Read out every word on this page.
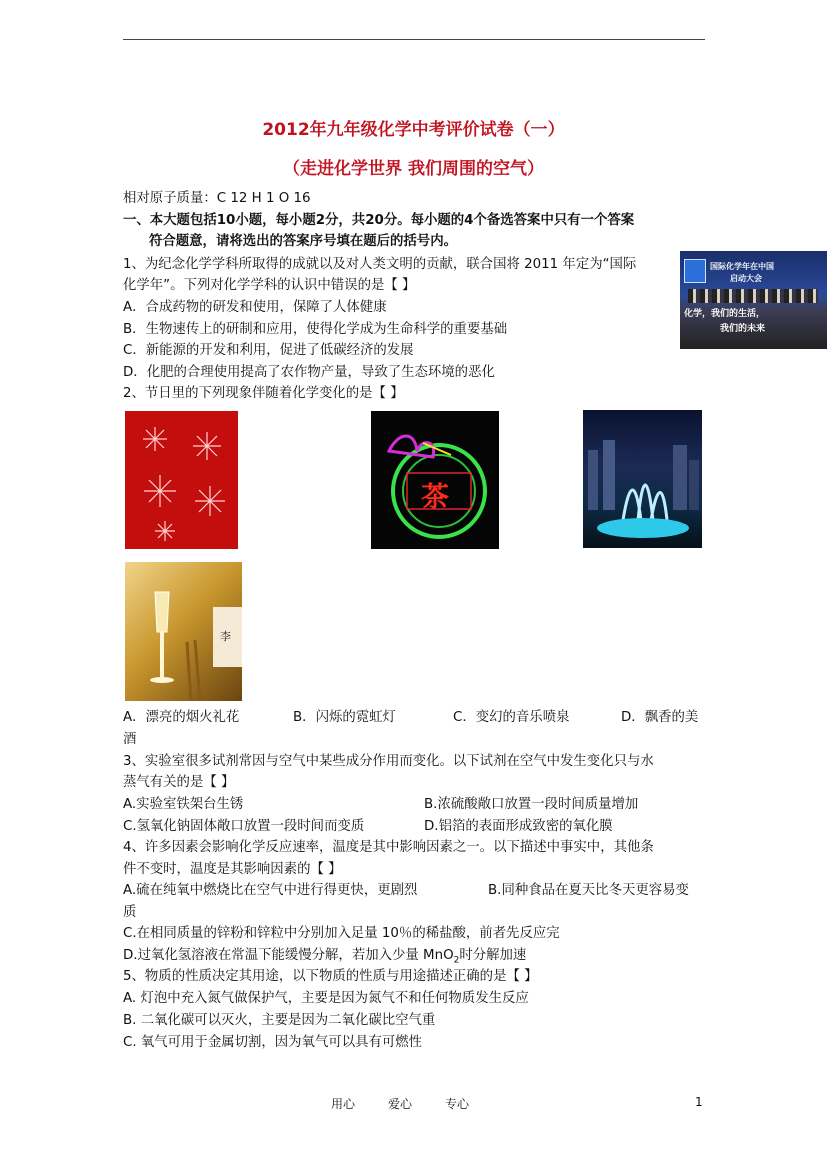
2012年九年级化学中考评价试卷（一）
（走进化学世界 我们周围的空气）
相对原子质量：C 12 H 1 O 16
一、本大题包括10小题，每小题2分，共20分。每小题的4个备选答案中只有一个答案
符合题意，请将选出的答案序号填在题后的括号内。
1、为纪念化学学科所取得的成就以及对人类文明的贡献，联合国将 2011 年定为“国际
化学年”。下列对化学学科的认识中错误的是【 】
A．合成药物的研发和使用，保障了人体健康
B．生物速传上的研制和应用，使得化学成为生命科学的重要基础
C．新能源的开发和利用，促进了低碳经济的发展
D．化肥的合理使用提高了农作物产量，导致了生态环境的恶化
国际化学年在中国
启动大会
化学，我们的生活，
我们的未来
2、节日里的下列现象伴随着化学变化的是【 】
茶
李
A．漂亮的烟火礼花	B．闪烁的霓虹灯	C．变幻的音乐喷泉	D．飘香的美
酒
3、实验室很多试剂常因与空气中某些成分作用而变化。以下试剂在空气中发生变化只与水
蒸气有关的是【 】
A.实验室铁架台生锈	B.浓硫酸敞口放置一段时间质量增加
C.氢氧化钠固体敞口放置一段时间而变质	D.铝箔的表面形成致密的氧化膜
4、许多因素会影响化学反应速率，温度是其中影响因素之一。以下描述中事实中，其他条
件不变时，温度是其影响因素的【 】
A.硫在纯氧中燃烧比在空气中进行得更快，更剧烈	B.同种食品在夏天比冬天更容易变
质
C.在相同质量的锌粉和锌粒中分别加入足量 10％的稀盐酸，前者先反应完
D.过氧化氢溶液在常温下能缓慢分解，若加入少量 MnO$_2$时分解加速
5、物质的性质决定其用途，以下物质的性质与用途描述正确的是【 】
A. 灯泡中充入氮气做保护气，主要是因为氮气不和任何物质发生反应
B. 二氧化碳可以灭火，主要是因为二氧化碳比空气重
C. 氧气可用于金属切割，因为氧气可以具有可燃性
用心	爱心	专心	1
